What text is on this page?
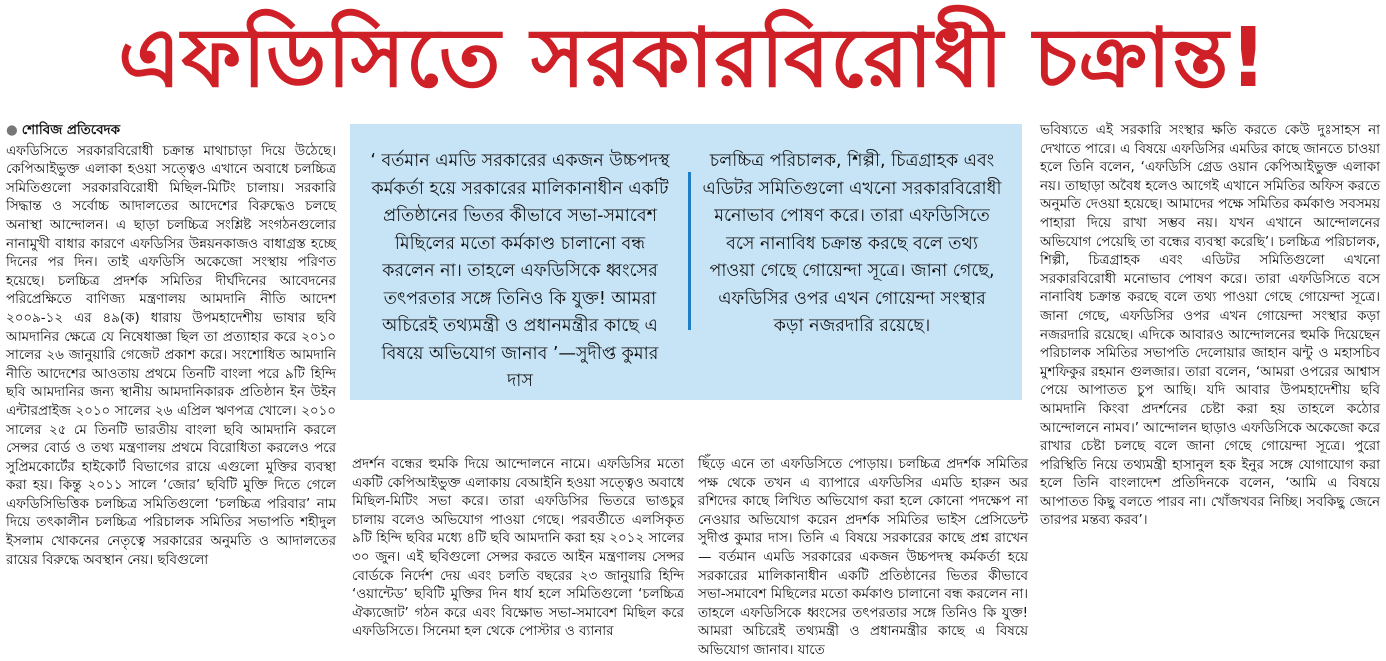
এফডিসিতে সরকারবিরোধী চক্রান্ত!
● শোবিজ প্রতিবেদক

এফডিসিতে সরকারবিরোধী চক্রান্ত মাথাচাড়া দিয়ে উঠেছে। কেপিআইভুক্ত এলাকা হওয়া সত্ত্বেও এখানে অবাধে চলচ্চিত্র সমিতিগুলো সরকারবিরোধী মিছিল-মিটিং চালায়। সরকারি সিদ্ধান্ত ও সর্বোচ্চ আদালতের আদেশের বিরুদ্ধেও চলছে অনাস্থা আন্দোলন। এ ছাড়া চলচ্চিত্র সংশ্লিষ্ট সংগঠনগুলোর নানামুখী বাধার কারণে এফডিসির উন্নয়নকাজও বাধাগ্রস্ত হচ্ছে দিনের পর দিন। তাই এফডিসি অকেজো সংস্থায় পরিণত হয়েছে। চলচ্চিত্র প্রদর্শক সমিতির দীর্ঘদিনের আবেদনের পরিপ্রেক্ষিতে বাণিজ্য মন্ত্রণালয় আমদানি নীতি আদেশ ২০০৯-১২ এর ৪৯(ক) ধারায় উপমহাদেশীয় ভাষার ছবি আমদানির ক্ষেত্রে যে নিষেধাজ্ঞা ছিল তা প্রত্যাহার করে ২০১০ সালের ২৬ জানুয়ারি গেজেট প্রকাশ করে। সংশোধিত আমদানি নীতি আদেশের আওতায় প্রথমে তিনটি বাংলা পরে ৯টি হিন্দি ছবি আমদানির জন্য স্থানীয় আমদানিকারক প্রতিষ্ঠান ইন উইন এন্টারপ্রাইজ ২০১০ সালের ২৬ এপ্রিল ঋণপত্র খোলে। ২০১০ সালের ২৫ মে তিনটি ভারতীয় বাংলা ছবি আমদানি করলে সেন্সর বোর্ড ও তথ্য মন্ত্রণালয় প্রথমে বিরোধিতা করলেও পরে সুপ্রিমকোর্টের হাইকোর্ট বিভাগের রায়ে এগুলো মুক্তির ব্যবস্থা করা হয়। কিন্তু ২০১১ সালে ‘জোর’ ছবিটি মুক্তি দিতে গেলে এফডিসিভিত্তিক চলচ্চিত্র সমিতিগুলো ‘চলচ্চিত্র পরিবার’ নাম দিয়ে তৎকালীন চলচ্চিত্র পরিচালক সমিতির সভাপতি শহীদুল ইসলাম খোকনের নেতৃত্বে সরকারের অনুমতি ও আদালতের রায়ের বিরুদ্ধে অবস্থান নেয়। ছবিগুলো

‘ বর্তমান এমডি সরকারের একজন উচ্চপদস্থ কর্মকর্তা হয়ে সরকারের মালিকানাধীন একটি প্রতিষ্ঠানের ভিতর কীভাবে সভা-সমাবেশ মিছিলের মতো কর্মকাণ্ড চালানো বন্ধ করলেন না। তাহলে এফডিসিকে ধ্বংসের তৎপরতার সঙ্গে তিনিও কি যুক্ত! আমরা অচিরেই তথ্যমন্ত্রী ও প্রধানমন্ত্রীর কাছে এ বিষয়ে অভিযোগ জানাব ’—সুদীপ্ত কুমার দাস
চলচ্চিত্র পরিচালক, শিল্পী, চিত্রগ্রাহক এবং এডিটর সমিতিগুলো এখনো সরকারবিরোধী মনোভাব পোষণ করে। তারা এফডিসিতে বসে নানাবিধ চক্রান্ত করছে বলে তথ্য পাওয়া গেছে গোয়েন্দা সূত্রে। জানা গেছে, এফডিসির ওপর এখন গোয়েন্দা সংস্থার কড়া নজরদারি রয়েছে।

প্রদর্শন বন্ধের হুমকি দিয়ে আন্দোলনে নামে। এফডিসির মতো একটি কেপিআইভুক্ত এলাকায় বেআইনি হওয়া সত্ত্বেও অবাধে মিছিল-মিটিং সভা করে। তারা এফডিসির ভিতরে ভাঙচুর চালায় বলেও অভিযোগ পাওয়া গেছে। পরবর্তীতে এলসিকৃত ৯টি হিন্দি ছবির মধ্যে ৪টি ছবি আমদানি করা হয় ২০১২ সালের ৩০ জুন। এই ছবিগুলো সেন্সর করতে আইন মন্ত্রণালয় সেন্সর বোর্ডকে নির্দেশ দেয় এবং চলতি বছরের ২৩ জানুয়ারি হিন্দি ‘ওয়ান্টেড’ ছবিটি মুক্তির দিন ধার্য হলে সমিতিগুলো ‘চলচ্চিত্র ঐক্যজোট’ গঠন করে এবং বিক্ষোভ সভা-সমাবেশ মিছিল করে এফডিসিতে। সিনেমা হল থেকে পোস্টার ও ব্যানার

ছিঁড়ে এনে তা এফডিসিতে পোড়ায়। চলচ্চিত্র প্রদর্শক সমিতির পক্ষ থেকে তখন এ ব্যাপারে এফডিসির এমডি হারুন অর রশিদের কাছে লিখিত অভিযোগ করা হলে কোনো পদক্ষেপ না নেওয়ার অভিযোগ করেন প্রদর্শক সমিতির ভাইস প্রেসিডেন্ট সুদীপ্ত কুমার দাস। তিনি এ বিষয়ে সরকারের কাছে প্রশ্ন রাখেন— বর্তমান এমডি সরকারের একজন উচ্চপদস্থ কর্মকর্তা হয়ে সরকারের মালিকানাধীন একটি প্রতিষ্ঠানের ভিতর কীভাবে সভা-সমাবেশ মিছিলের মতো কর্মকাণ্ড চালানো বন্ধ করলেন না। তাহলে এফডিসিকে ধ্বংসের তৎপরতার সঙ্গে তিনিও কি যুক্ত! আমরা অচিরেই তথ্যমন্ত্রী ও প্রধানমন্ত্রীর কাছে এ বিষয়ে অভিযোগ জানাব। যাতে

ভবিষ্যতে এই সরকারি সংস্থার ক্ষতি করতে কেউ দুঃসাহস না দেখাতে পারে। এ বিষয়ে এফডিসির এমডির কাছে জানতে চাওয়া হলে তিনি বলেন, ‘এফডিসি গ্রেড ওয়ান কেপিআইভুক্ত এলাকা নয়। তাছাড়া অবৈধ হলেও আগেই এখানে সমিতির অফিস করতে অনুমতি দেওয়া হয়েছে। আমাদের পক্ষে সমিতির কর্মকাণ্ড সবসময় পাহারা দিয়ে রাখা সম্ভব নয়। যখন এখানে আন্দোলনের অভিযোগ পেয়েছি তা বন্ধের ব্যবস্থা করেছি’। চলচ্চিত্র পরিচালক, শিল্পী, চিত্রগ্রাহক এবং এডিটর সমিতিগুলো এখনো সরকারবিরোধী মনোভাব পোষণ করে। তারা এফডিসিতে বসে নানাবিধ চক্রান্ত করছে বলে তথ্য পাওয়া গেছে গোয়েন্দা সূত্রে। জানা গেছে, এফডিসির ওপর এখন গোয়েন্দা সংস্থার কড়া নজরদারি রয়েছে। এদিকে আবারও আন্দোলনের হুমকি দিয়েছেন পরিচালক সমিতির সভাপতি দেলোয়ার জাহান ঝন্টু ও মহাসচিব মুশফিকুর রহমান গুলজার। তারা বলেন, ‘আমরা ওপরের আশ্বাস পেয়ে আপাতত চুপ আছি। যদি আবার উপমহাদেশীয় ছবি আমদানি কিংবা প্রদর্শনের চেষ্টা করা হয় তাহলে কঠোর আন্দোলনে নামব।’ আন্দোলন ছাড়াও এফডিসিকে অকেজো করে রাখার চেষ্টা চলছে বলে জানা গেছে গোয়েন্দা সূত্রে। পুরো পরিস্থিতি নিয়ে তথ্যমন্ত্রী হাসানুল হক ইনুর সঙ্গে যোগাযোগ করা হলে তিনি বাংলাদেশ প্রতিদিনকে বলেন, ‘আমি এ বিষয়ে আপাতত কিছু বলতে পারব না। খোঁজখবর নিচ্ছি। সবকিছু জেনে তারপর মন্তব্য করব’।
